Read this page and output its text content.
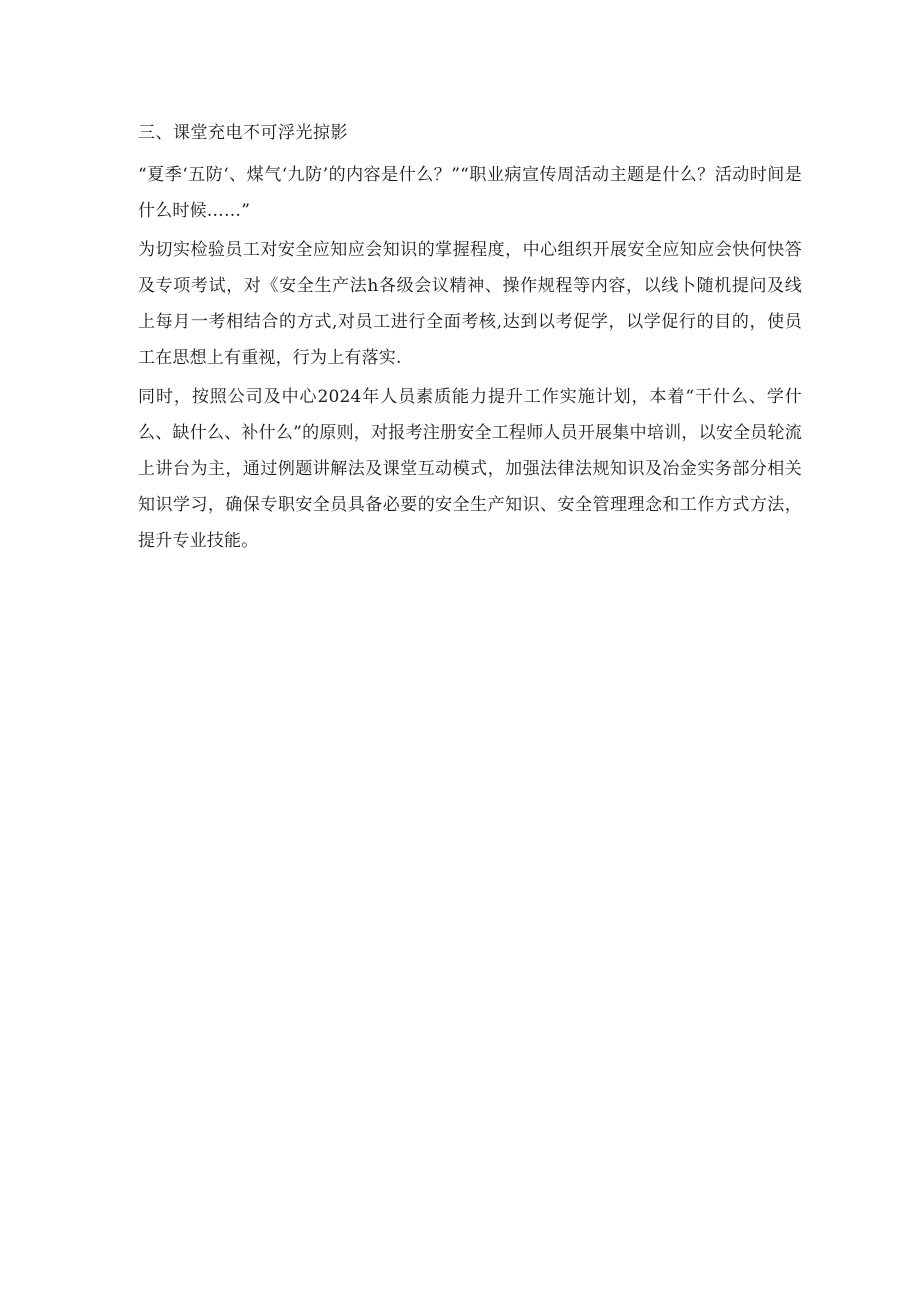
三、课堂充电不可浮光掠影
“夏季‘五防‘、煤气‘九防’的内容是什么？”“职业病宣传周活动主题是什么？活动时间是什么时候……”
为切实检验员工对安全应知应会知识的掌握程度，中心组织开展安全应知应会快何快答及专项考试，对《安全生产法h各级会议精神、操作规程等内容，以线卜随机提问及线上每月一考相结合的方式,对员工进行全面考核,达到以考促学，以学促行的目的，使员工在思想上有重视，行为上有落实.
同时，按照公司及中心2024年人员素质能力提升工作实施计划，本着“干什么、学什么、缺什么、补什么”的原则，对报考注册安全工程师人员开展集中培训，以安全员轮流上讲台为主，通过例题讲解法及课堂互动模式，加强法律法规知识及冶金实务部分相关知识学习，确保专职安全员具备必要的安全生产知识、安全管理理念和工作方式方法，提升专业技能。
